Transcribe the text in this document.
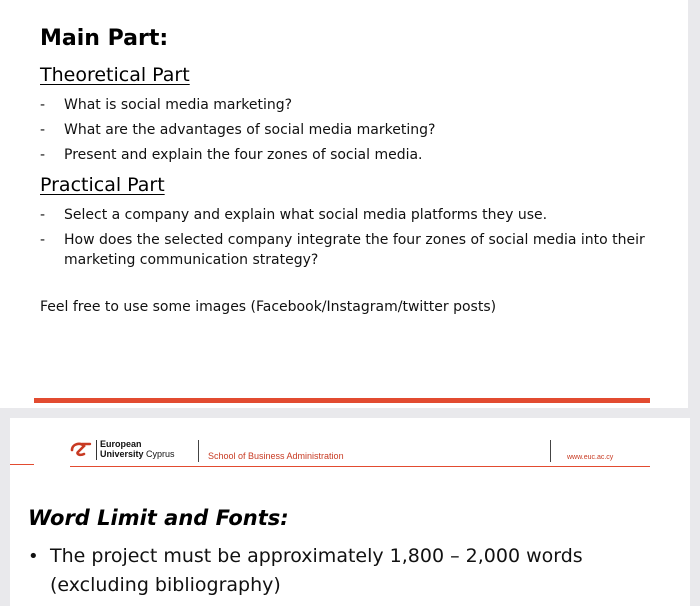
Main Part:
Theoretical Part
- What is social media marketing?
- What are the advantages of social media marketing?
- Present and explain the four zones of social media.
Practical Part
- Select a company and explain what social media platforms they use.
- How does the selected company integrate the four zones of social media into their marketing communication strategy?

Feel free to use some images (Facebook/Instagram/twitter posts)

European
University Cyprus	School of Business Administration	www.euc.ac.cy
Word Limit and Fonts:
• The project must be approximately 1,800 – 2,000 words (excluding bibliography)
